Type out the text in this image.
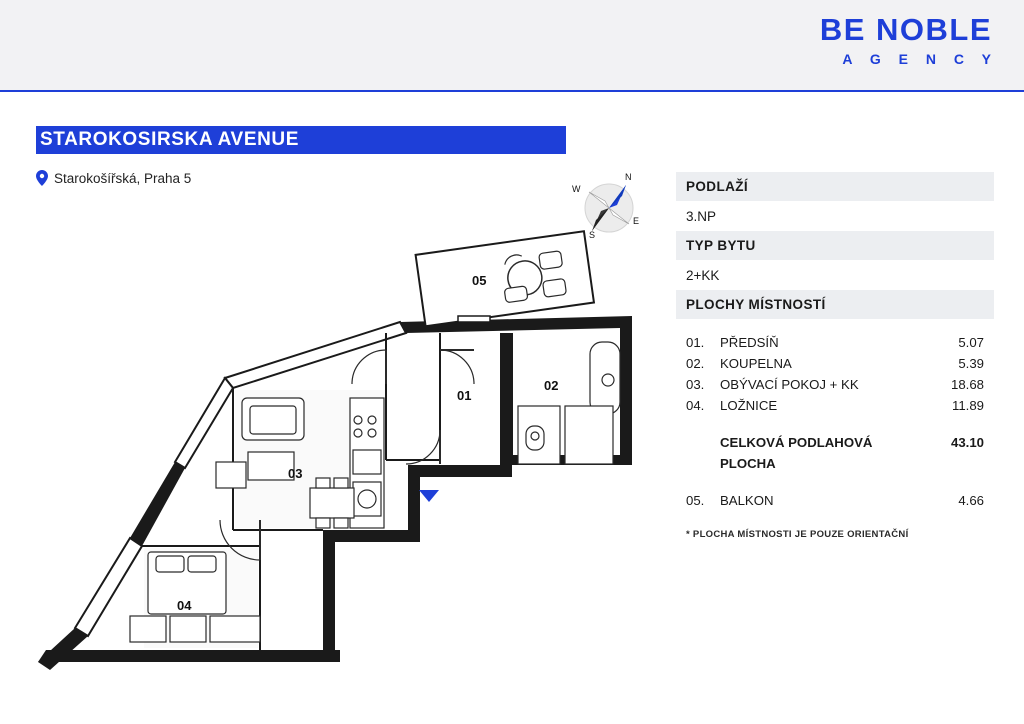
BE NOBLE
A G E N C Y
STAROKOSIRSKA AVENUE
Starokošířská, Praha 5	N
E
S
W	PODLAŽÍ
3.NP
TYP BYTU
2+KK
PLOCHY MÍSTNOSTÍ
01.	PŘEDSÍŇ	5.07
02.	KOUPELNA	5.39
03.	OBÝVACÍ POKOJ + KK	18.68
04.	LOŽNICE	11.89
CELKOVÁ PODLAHOVÁ PLOCHA
43.10
05.	BALKON	4.66
* PLOCHA MÍSTNOSTI JE POUZE ORIENTAČNÍ
05
01
02
03
04
